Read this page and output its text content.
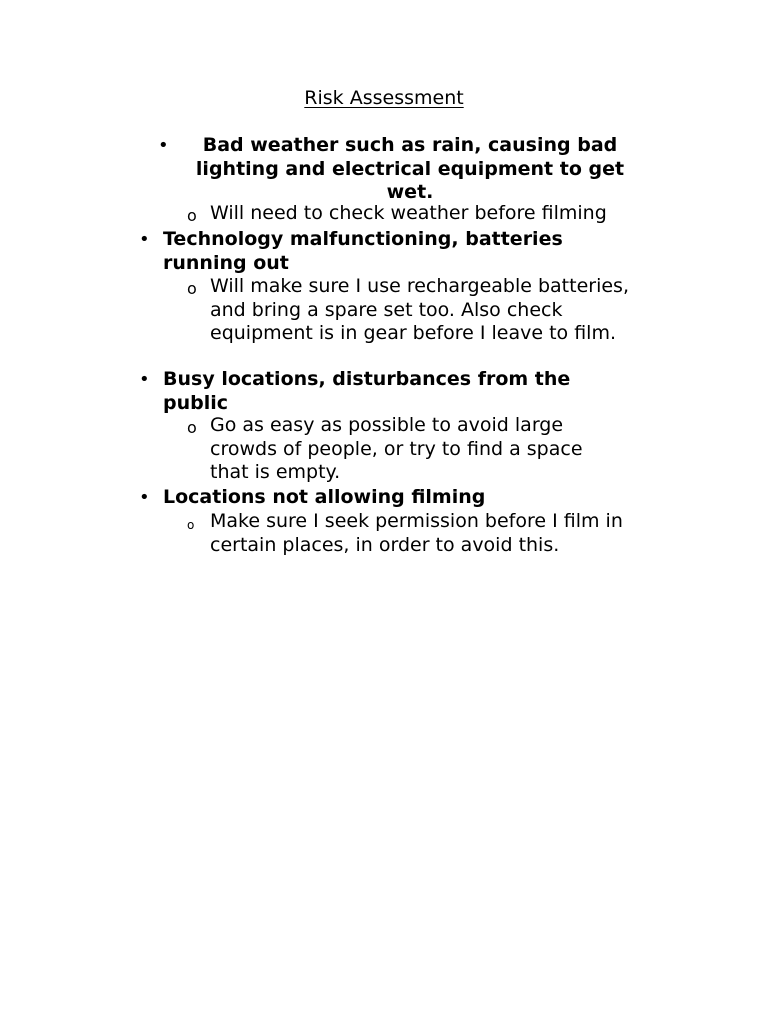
Risk Assessment
•	Bad weather such as rain, causing bad lighting and electrical equipment to get wet.
o Will need to check weather before filming
• Technology malfunctioning, batteries running out
o Will make sure I use rechargeable batteries, and bring a spare set too. Also check equipment is in gear before I leave to film.
• Busy locations, disturbances from the public
o Go as easy as possible to avoid large crowds of people, or try to find a space that is empty.
• Locations not allowing filming
o Make sure I seek permission before I film in certain places, in order to avoid this.
